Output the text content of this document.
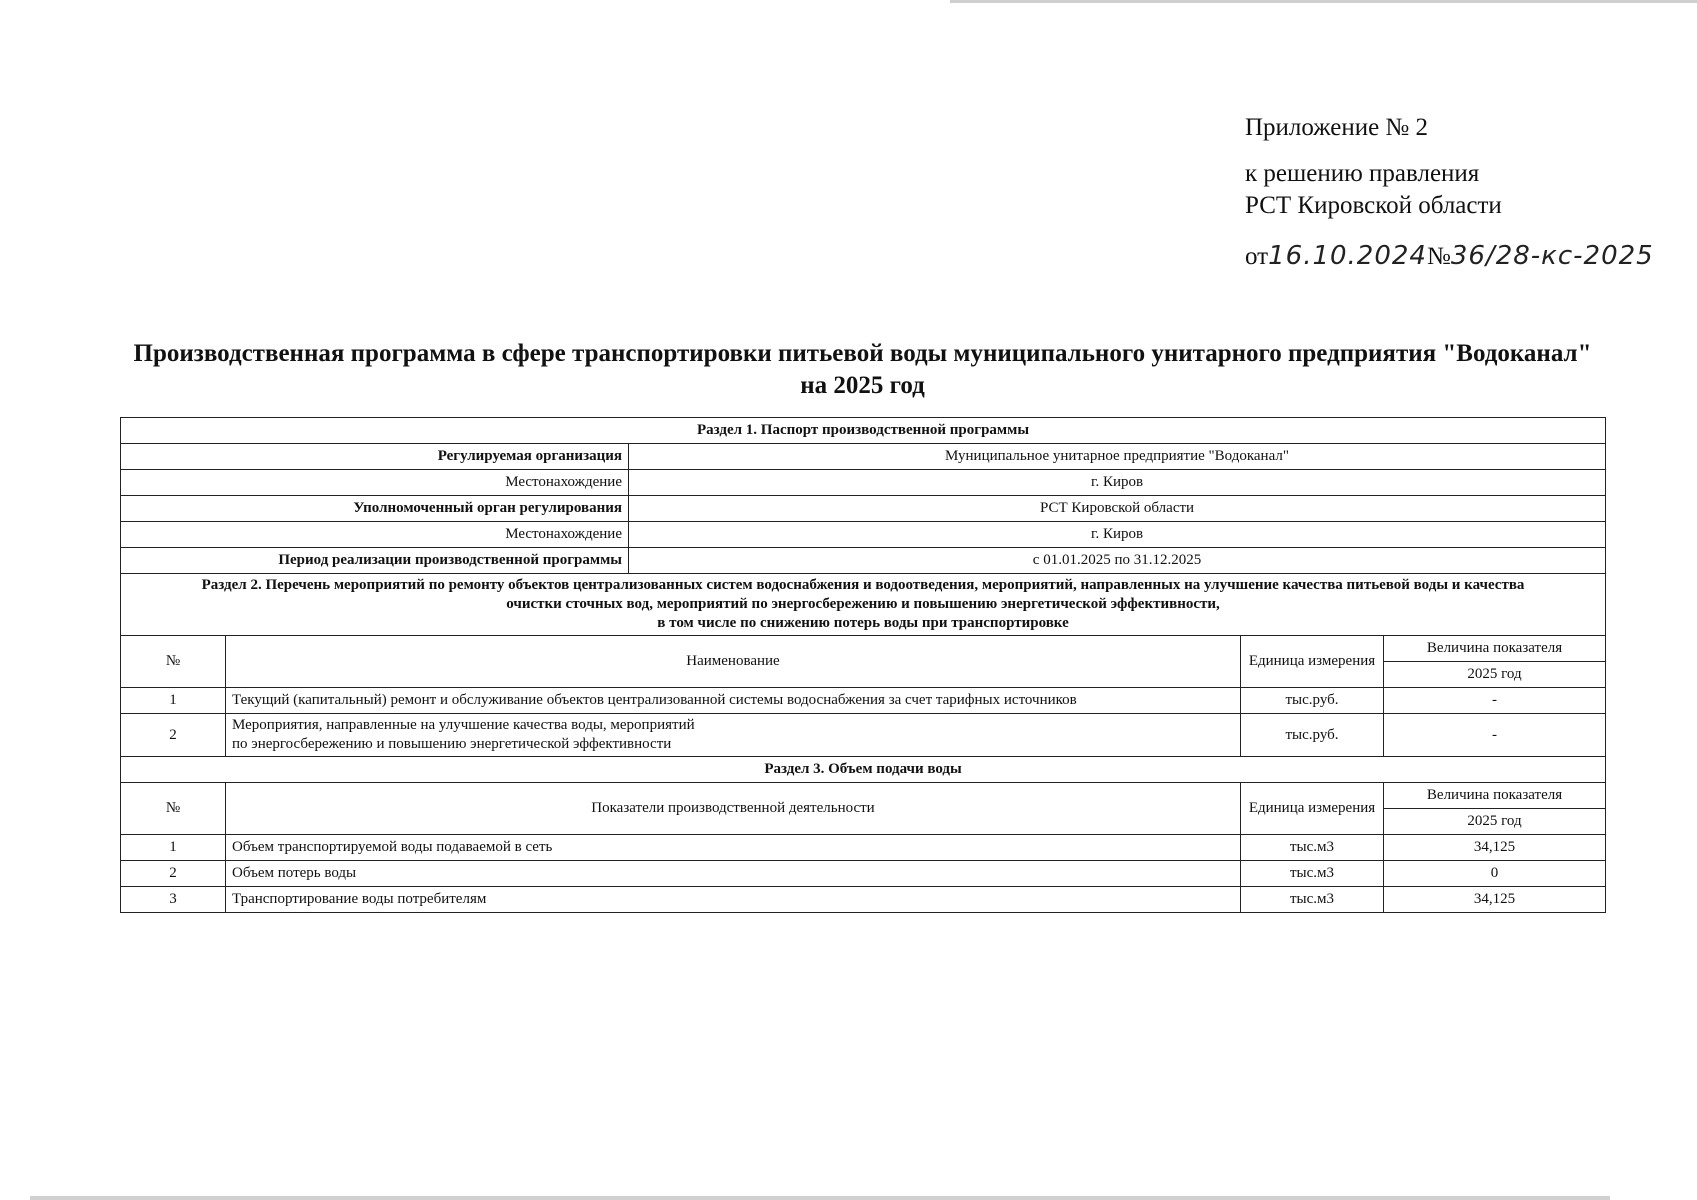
Приложение № 2
к решению правления
РСТ Кировской области
от16.10.2024№36/28-кс-2025
Производственная программа в сфере транспортировки питьевой воды муниципального унитарного предприятия "Водоканал"
на 2025 год
Раздел 1. Паспорт производственной программы				
Регулируемая организация		Муниципальное унитарное предприятие "Водоканал"		
Местонахождение		г. Киров		
Уполномоченный орган регулирования		РСТ Кировской области		
Местонахождение		г. Киров		
Период реализации производственной программы		с 01.01.2025 по 31.12.2025		

Раздел 2. Перечень мероприятий по ремонту объектов централизованных систем водоснабжения и водоотведения, мероприятий, направленных на улучшение качества питьевой воды и качества
очистки сточных вод, мероприятий по энергосбережению и повышению энергетической эффективности,
в том числе по снижению потерь воды при транспортировке				

№	Наименование		Единица измерения	Величина показателя
				2025 год
1	Текущий (капитальный) ремонт и обслуживание объектов централизованной системы водоснабжения за счет тарифных источников		тыс.руб.	-
2	Мероприятия, направленные на улучшение качества воды, мероприятий
по энергосбережению и повышению энергетической эффективности		тыс.руб.	-
Раздел 3. Объем подачи воды				
№	Показатели производственной деятельности		Единица измерения	Величина показателя
				2025 год
1	Объем транспортируемой воды подаваемой в сеть		тыс.м3	34,125
2	Объем потерь воды		тыс.м3	0
3	Транспортирование воды потребителям		тыс.м3	34,125
